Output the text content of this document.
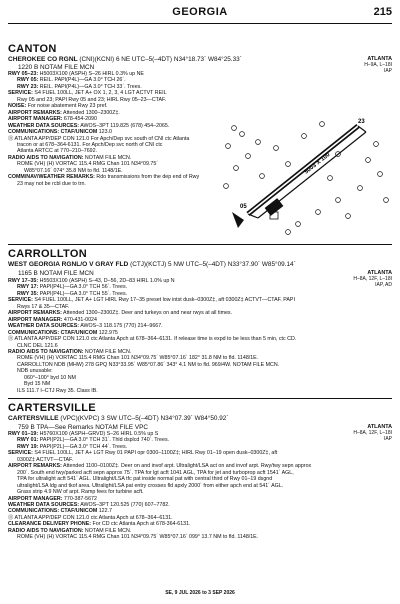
GEORGIA	215
CANTON
CHEROKEE CO RGNL (CNI)(KCNI) 6 NE UTC–5(–4DT) N34°18.73´ W84°25.33´
1220 B NOTAM FILE MCN
ATLANTA
H–9A, L–18I
IAP
RWY 05–23: H5003X100 (ASPH) S–26 HIRL 0.3% up NE
RWY 05: REIL. PAPI(P4L)—GA 3.0° TCH 26´.
RWY 23: REIL. PAPI(P4L)—GA 3.0° TCH 33´. Trees.
SERVICE: S4 FUEL 100LL, JET A+ OX 1, 2, 3, 4 LGT ACTVT REIL
Rwy 05 and 23; PAPI Rwy 05 and 23; HIRL Rwy 05–23—CTAF.
NOISE: For noise abatement Rwy 23 pref.
AIRPORT REMARKS: Attended 1300–2300Z‡.
AIRPORT MANAGER: 678-454-2090
WEATHER DATA SOURCES: AWOS–3PT 119.825 (678) 454–2065.
COMMUNICATIONS: CTAF/UNICOM 123.0
Ⓡ ATLANTA APP/DEP CON 121.0 For Apch/Dep svc south of CNI ctc Atlanta
tracon or at 678–364-6131. For Apch/Dep svc north of CNI ctc
Atlanta ARTCC at 770–210–7692.
RADIO AIDS TO NAVIGATION: NOTAM FILE MCN.
ROME (VH) (H) VORTAC 115.4 RMG Chan 101 N34°09.75´
W85°07.16´ 074° 35.8 NM to fld. 1148/1E.
COMM/NAV/WEATHER REMARKS: Rdo transmissions from the dep end of Rwy
23 may not be rcbl due to trn.
5003 X 100
05
23
CARROLLTON
WEST GEORGIA RGNL/O V GRAY FLD (CTJ)(KCTJ) 5 NW UTC–5(–4DT) N33°37.90´ W85°09.14´
1165 B NOTAM FILE MCN	ATLANTA
H–8A, 12F, L–18I
IAP, AD
RWY 17–35: H5503X100 (ASPH) S–43, D–56, 2D–83 HIRL 1.0% up N
RWY 17: PAPI(P4L)—GA 3.0° TCH 56´. Trees.
RWY 35: PAPI(P4L)—GA 3.0° TCH 55´. Trees.
SERVICE: S4 FUEL 100LL, JET A+ LGT HIRL Rwy 17–35 preset low intst dusk–0300Z‡, aft 0300Z‡ ACTVT—CTAF. PAPI
Rwys 17 & 35—CTAF.
AIRPORT REMARKS: Attended 1300–2300Z‡. Deer and turkeys on and near rwys at all times.
AIRPORT MANAGER: 470-431-0024
WEATHER DATA SOURCES: AWOS–3 118.175 (770) 214–9667.
COMMUNICATIONS: CTAF/UNICOM 122.975
Ⓡ ATLANTA APP/DEP CON 121.0 ctc Atlanta Apch at 678–364–6131. If release time is expd to be less than 5 min, ctc CD.
CLNC DEL 121.6
RADIO AIDS TO NAVIGATION: NOTAM FILE MCN.
ROME (VH) (H) VORTAC 115.4 RMG Chan 101 N34°09.75´ W85°07.16´ 182° 31.8 NM to fld. 1148/1E.
CARROLLTON NDB (MHW) 278 GPQ N33°33.95´ W85°07.86´ 343° 4.1 NM to fld. 969/4W. NOTAM FILE MCN.
NDB unusable:
060°–100° byd 10 NM
Byd 15 NM
ILS 111.7 I–CTJ Rwy 35. Class IB.
CARTERSVILLE
CARTERSVILLE (VPC)(KVPC) 3 SW UTC–5(–4DT) N34°07.39´ W84°50.92´
759 B TPA—See Remarks NOTAM FILE VPC	ATLANTA
H–8A, 12F, L–18I
IAP
RWY 01–19: H5760X100 (ASPH–GRVD) S–26 HIRL 0.5% up S
RWY 01: PAPI(P2L)—GA 3.0° TCH 31´. Thld dsplcd 740´. Trees.
RWY 19: PAPI(P2L)—GA 3.0° TCH 44´. Trees.
SERVICE: S4 FUEL 100LL, JET A+ LGT Rwy 01 PAPI opr 0300–1100Z‡; HIRL Rwy 01–19 open dusk–0300Z‡, aft
0300Z‡ ACTVT—CTAF.
AIRPORT REMARKS: Attended 1100–0100Z‡. Deer on and invof arpt. Ultralight/LSA act on and invof arpt. Rwy/twy sepn approx
200´. South end twy/parked acft sepn approx 75´. TPA for lgt acft 1041 AGL, TPA for jet and turboprop acft 1541´ AGL,
TPA for ultralight acft 541´ AGL. Ultralight/LSA tfc pat inside normal pat with central third of Rwy 01–19 dsgnd
ultralight/LSA ldg and tkof area. Ultralight/LSA pat entry crosses fld apxly 2000´ from either apch end at 541´ AGL.
Grass strip 4.9 NW of arpt. Ramp fees for turbine acft.
AIRPORT MANAGER: 770-387-5672
WEATHER DATA SOURCES: AWOS–3PT 120.525 (770) 607–7782.
COMMUNICATIONS: CTAF/UNICOM 122.7
Ⓡ ATLANTA APP/DEP CON 121.0 ctc Atlanta Apch at 678–364–6131.
CLEARANCE DELIVERY PHONE: For CD ctc Atlanta Apch at 678-364-6131.
RADIO AIDS TO NAVIGATION: NOTAM FILE MCN.
ROME (VH) (H) VORTAC 115.4 RMG Chan 101 N34°09.75´ W85°07.16´ 099° 13.7 NM to fld. 1148/1E.
SE, 9 JUL 2026 to 3 SEP 2026
